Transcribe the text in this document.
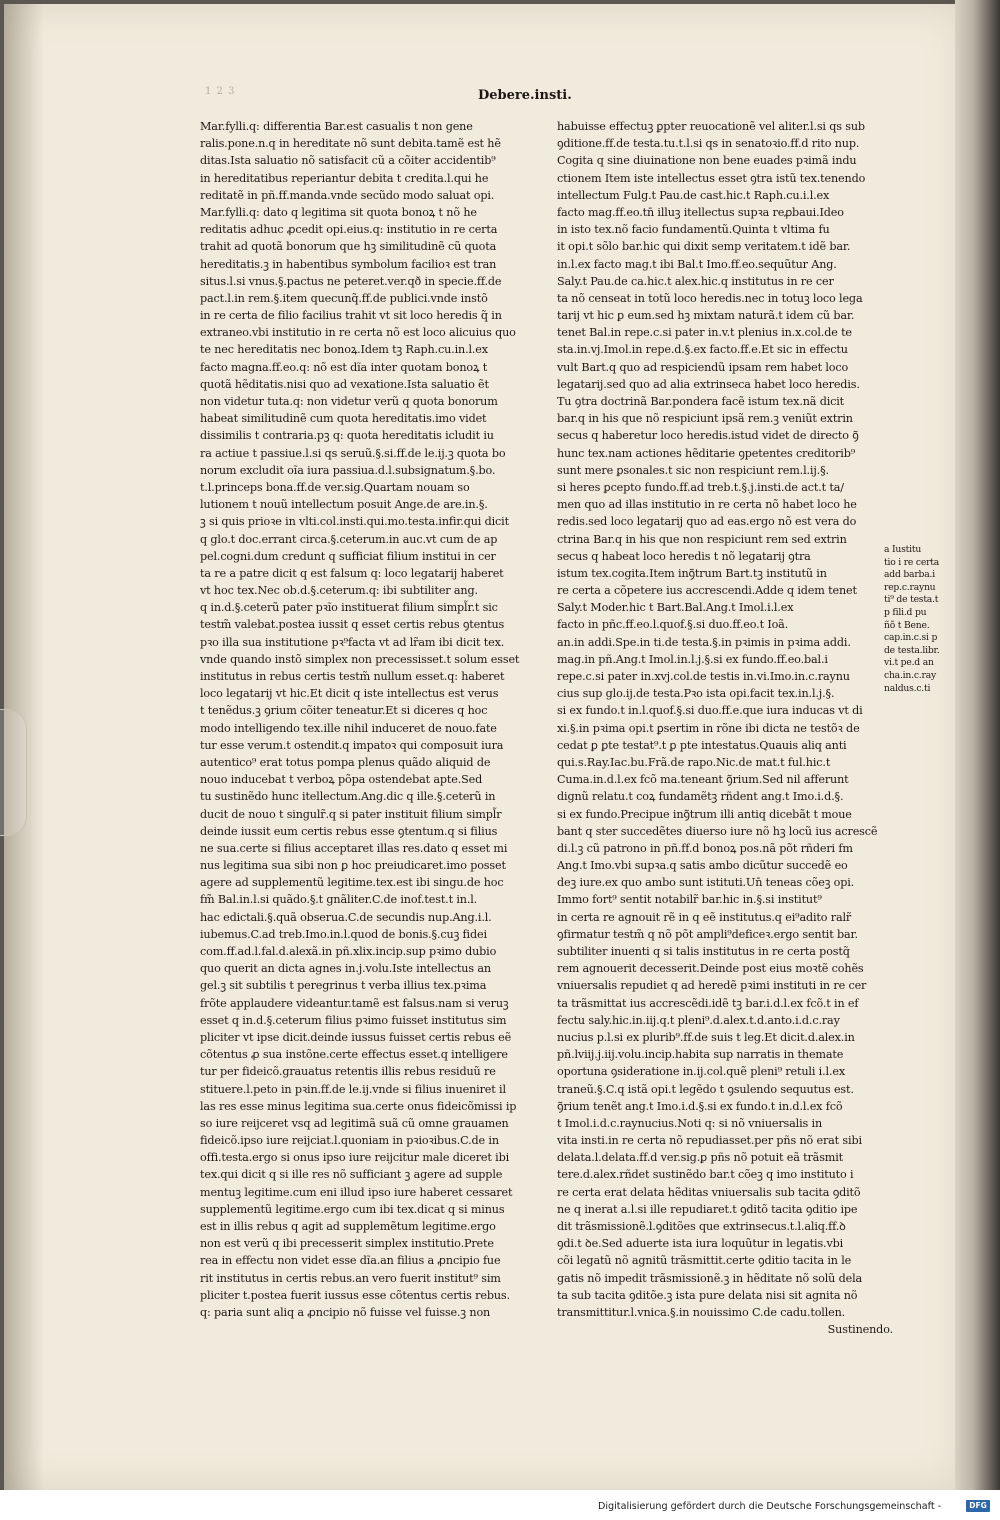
1 2 3	Debere.insti.
Mar.fylli.q: differentia Bar.est casualis t non gene
ralis.pone.n.q in hereditate nõ sunt debita.tamẽ est hẽ
ditas.Ista saluatio nõ satisfacit cũ a cõiter accidentib⁹
in hereditatibus reperiantur debita t credita.l.qui he
reditatẽ in pñ.ff.manda.vnde secũdo modo saluat opi.
Mar.fylli.q: dato q legitima sit quota bonoꝝ t nõ he
reditatis adhuc ꝓcedit opi.eius.q: institutio in re certa
trahit ad quotã bonorum que hꝫ similitudinẽ cũ quota
hereditatis.ꝫ in habentibus symbolum facilioꝛ est tran
situs.l.si vnus.§.pactus ne peteret.ver.qð in specie.ff.de
pact.l.in rem.§.item quecunq̃.ff.de publici.vnde instõ
in re certa de filio facilius trahit vt sit loco heredis q̃ in
extraneo.vbi institutio in re certa nõ est loco alicuius quo
te nec hereditatis nec bonoꝝ.Idem tꝫ Raph.cu.in.l.ex
facto magna.ff.eo.q: nõ est dĩa inter quotam bonoꝝ t
quotã hẽditatis.nisi quo ad vexatione.Ista saluatio ẽt
non videtur tuta.q: non videtur verũ q quota bonorum
habeat similitudinẽ cum quota hereditatis.imo videt
dissimilis t contraria.pꝫ q: quota hereditatis icludit iu
ra actiue t passiue.l.si qs seruũ.§.si.ff.de le.ij.ꝫ quota bo
norum excludit oĩa iura passiua.d.l.subsignatum.§.bo.
t.l.princeps bona.ff.de ver.sig.Quartam nouam so
lutionem t nouũ intellectum posuit Ange.de are.in.§.
ꝫ si quis prioꝛe in vlti.col.insti.qui.mo.testa.infir.qui dicit
q glo.t doc.errant circa.§.ceterum.in auc.vt cum de ap
pel.cogni.dum credunt q sufficiat filium institui in cer
ta re a patre dicit q est falsum q: loco legatarij haberet
vt hoc tex.Nec ob.d.§.ceterum.q: ibi subtiliter ang.
q in.d.§.ceterũ pater pꝛĩo instituerat filium simpl̃r.t sic
testm̃ valebat.postea iussit q esset certis rebus ꝯtentus
pꝛo illa sua institutione pꝛ⁹facta vt ad lr̃am ibi dicit tex.
vnde quando instõ simplex non precessisset.t solum esset
institutus in rebus certis testm̃ nullum esset.q: haberet
loco legatarij vt hic.Et dicit q iste intellectus est verus
t tenẽdus.ꝫ ꝯrium cõiter teneatur.Et si diceres q hoc
modo intelligendo tex.ille nihil induceret de nouo.fate
tur esse verum.t ostendit.q impatoꝛ qui composuit iura
autentico⁹ erat totus pompa plenus quãdo aliquid de
nouo inducebat t verboꝝ põpa ostendebat apte.Sed
tu sustinẽdo hunc itellectum.Ang.dic q ille.§.ceterũ in
ducit de nouo t singulr̃.q si pater instituit filium simpl̃r
deinde iussit eum certis rebus esse ꝯtentum.q si filius
ne sua.certe si filius acceptaret illas res.dato q esset mi
nus legitima sua sibi non ꝑ hoc preiudicaret.imo posset
agere ad supplementũ legitime.tex.est ibi singu.de hoc
fm̃ Bal.in.l.si quãdo.§.t gnãliter.C.de inof.test.t in.l.
hac edictali.§.quã obserua.C.de secundis nup.Ang.i.l.
iubemus.C.ad treb.Imo.in.l.quod de bonis.§.cuꝫ fidei
com.ff.ad.l.fal.d.alexã.in pñ.xlix.incip.sup pꝛimo dubio
quo querit an dicta agnes in.j.volu.Iste intellectus an
gel.ꝫ sit subtilis t peregrinus t verba illius tex.pꝛima
frõte applaudere videantur.tamẽ est falsus.nam si veruꝫ
esset q in.d.§.ceterum filius pꝛimo fuisset institutus sim
pliciter vt ipse dicit.deinde iussus fuisset certis rebus eẽ
cõtentus ꝓ sua instõne.certe effectus esset.q intelligere
tur per fideicõ.grauatus retentis illis rebus residuũ re
stituere.l.peto in pꝛin.ff.de le.ij.vnde si filius inueniret il
las res esse minus legitima sua.certe onus fideicõmissi ip
so iure reijceret vsq ad legitimã suã cũ omne grauamen
fideicõ.ipso iure reijciat.l.quoniam in pꝛioꝛibus.C.de in
offi.testa.ergo si onus ipso iure reijcitur male diceret ibi
tex.qui dicit q si ille res nõ sufficiant ꝫ agere ad supple
mentuꝫ legitime.cum eni illud ipso iure haberet cessaret
supplementũ legitime.ergo cum ibi tex.dicat q si minus
est in illis rebus q agit ad supplemẽtum legitime.ergo
non est verũ q ibi precesserit simplex institutio.Prete
rea in effectu non videt esse dĩa.an filius a ꝓncipio fue
rit institutus in certis rebus.an vero fuerit institut⁹ sim
pliciter t.postea fuerit iussus esse cõtentus certis rebus.
q: paria sunt aliq a ꝓncipio nõ fuisse vel fuisse.ꝫ non
habuisse effectuꝫ ꝑpter reuocationẽ vel aliter.l.si qs sub
ꝯditione.ff.de testa.tu.t.l.si qs in senatoꝛio.ff.d rito nup.
Cogita q sine diuinatione non bene euades pꝛimã indu
ctionem Item iste intellectus esset ꝯtra istũ tex.tenendo
intellectum Fulg.t Pau.de cast.hic.t Raph.cu.i.l.ex
facto mag.ff.eo.tn̄ illuꝫ itellectus supꝛa reꝓbaui.Ideo
in isto tex.nõ facio fundamentũ.Quinta t vltima fu
it opi.t sõlo bar.hic qui dixit semp veritatem.t idẽ bar.
in.l.ex facto mag.t ibi Bal.t Imo.ff.eo.sequũtur Ang.
Saly.t Pau.de ca.hic.t alex.hic.q institutus in re cer
ta nõ censeat in totũ loco heredis.nec in totuꝫ loco lega
tarij vt hic ꝑ eum.sed hꝫ mixtam naturã.t idem cũ bar.
tenet Bal.in repe.c.si pater in.v.t plenius in.x.col.de te
sta.in.vj.Imol.in repe.d.§.ex facto.ff.e.Et sic in effectu
vult Bart.q quo ad respiciendũ ipsam rem habet loco
legatarij.sed quo ad alia extrinseca habet loco heredis.
Tu ꝯtra doctrinã Bar.pondera facẽ istum tex.nã dicit
bar.q in his que nõ respiciunt ipsã rem.ꝫ veniũt extrin
secus q haberetur loco heredis.istud videt de directo ꝯ̃
hunc tex.nam actiones hẽditarie ꝯpetentes creditorib⁹
sunt mere ꝑsonales.t sic non respiciunt rem.l.ij.§.
si heres ꝑcepto fundo.ff.ad treb.t.§.j.insti.de act.t ta/
men quo ad illas institutio in re certa nõ habet loco he
redis.sed loco legatarij quo ad eas.ergo nõ est vera do
ctrina Bar.q in his que non respiciunt rem sed extrin
secus q habeat loco heredis t nõ legatarij ꝯtra
istum tex.cogita.Item inꝯ̃trum Bart.tꝫ institutũ in
re certa a cõpetere ius accrescendi.Adde q idem tenet
Saly.t Moder.hic t Bart.Bal.Ang.t Imol.i.l.ex
facto in pñc.ff.eo.l.quof.§.si duo.ff.eo.t Ioã.
an.in addi.Spe.in ti.de testa.§.in pꝛimis in pꝛima addi.
mag.in pñ.Ang.t Imol.in.l.j.§.si ex fundo.ff.eo.bal.i
repe.c.si pater in.xvj.col.de testis in.vi.Imo.in.c.raynu
cius sup glo.ij.de testa.Pꝛo ista opi.facit tex.in.l.j.§.
si ex fundo.t in.l.quof.§.si duo.ff.e.que iura inducas vt di
xi.§.in pꝛima opi.t ꝑsertim in rõne ibi dicta ne testõꝛ de
cedat ꝑ ꝑte testat⁹.t ꝑ pte intestatus.Quauis aliq anti
qui.s.Ray.Iac.bu.Frã.de rapo.Nic.de mat.t ful.hic.t
Cuma.in.d.l.ex fcõ ma.teneant ꝯ̃rium.Sed nil afferunt
dignũ relatu.t coꝝ fundamẽtꝫ rñdent ang.t Imo.i.d.§.
si ex fundo.Precipue inꝯ̃trum illi antiq dicebãt t moue
bant q ster succedẽtes diuerso iure nõ hꝫ locũ ius acrescẽ
di.l.ꝫ cũ patrono in pñ.ff.d bonoꝝ pos.nã põt rñderi fm
Ang.t Imo.vbi supꝛa.q satis ambo dicũtur succedẽ eo
deꝫ iure.ex quo ambo sunt istituti.Un̄ teneas cõeꝫ opi.
Immo fort⁹ sentit notabilr̃ bar.hic in.§.si institut⁹
in certa re agnouit rẽ in q eẽ institutus.q ei⁹adito ralr̃
ꝯfirmatur testm̃ q nõ põt ampli⁹deficeꝛ.ergo sentit bar.
subtiliter inuenti q si talis institutus in re certa postq̃
rem agnouerit decesserit.Deinde post eius moꝛtẽ cohẽs
vniuersalis repudiet q ad heredẽ pꝛimi instituti in re cer
ta trãsmittat ius accrescẽdi.idẽ tꝫ bar.i.d.l.ex fcõ.t in ef
fectu saly.hic.in.iij.q.t pleni⁹.d.alex.t.d.anto.i.d.c.ray
nucius p.l.si ex plurib⁹.ff.de suis t leg.Et dicit.d.alex.in
pñ.lviij.j.iij.volu.incip.habita sup narratis in themate
oportuna ꝯsideratione in.ij.col.quẽ pleni⁹ retuli i.l.ex
traneũ.§.C.q istã opi.t legẽdo t ꝯsulendo sequutus est.
ꝯ̃rium tenẽt ang.t Imo.i.d.§.si ex fundo.t in.d.l.ex fcõ
t Imol.i.d.c.raynucius.Noti q: si nõ vniuersalis in
vita insti.in re certa nõ repudiasset.per pñs nõ erat sibi
delata.l.delata.ff.d ver.sig.ꝑ pñs nõ potuit eã trãsmit
tere.d.alex.rñdet sustinẽdo bar.t cõeꝫ q imo instituto i
re certa erat delata hẽditas vniuersalis sub tacita ꝯditõ
ne q inerat a.l.si ille repudiaret.t ꝯditõ tacita ꝯditio ipe
dit trãsmissionẽ.l.ꝯditões que extrinsecus.t.l.aliq.ff.ꝺ
ꝯdi.t ꝺe.Sed aduerte ista iura loquũtur in legatis.vbi
cõi legatũ nõ agnitũ trãsmittit.certe ꝯditio tacita in le
gatis nõ impedit trãsmissionẽ.ꝫ in hẽditate nõ solũ dela
ta sub tacita ꝯditõe.ꝫ ista pure delata nisi sit agnita nõ
transmittitur.l.vnica.§.in nouissimo C.de cadu.tollen.
Sustinendo.
a Iustitu
tio i re certa
add barba.i
rep.c.raynu
ti⁹ de testa.t
p fili.d pu
ñõ t Bene.
cap.in.c.si p
de testa.libr.
vi.t pe.d an
cha.in.c.ray
naldus.c.ti
Digitalisierung gefördert durch die Deutsche Forschungsgemeinschaft -	DFG
